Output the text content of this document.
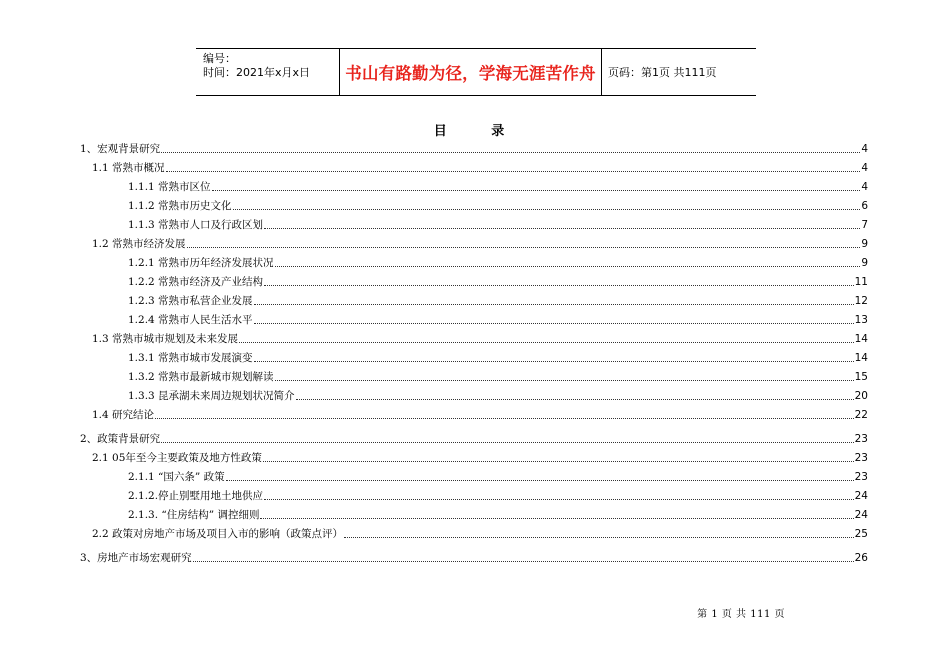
编号：
时间：2021年x月x日	书山有路勤为径，学海无涯苦作舟 页码：第1页 共111页
目 录
1、宏观背景研究	4
1.1 常熟市概况	4
1.1.1 常熟市区位	4
1.1.2 常熟市历史文化	6
1.1.3 常熟市人口及行政区划	7
1.2 常熟市经济发展	9
1.2.1 常熟市历年经济发展状况	9
1.2.2 常熟市经济及产业结构	11
1.2.3 常熟市私营企业发展	12
1.2.4 常熟市人民生活水平	13
1.3 常熟市城市规划及未来发展	14
1.3.1 常熟市城市发展演变	14
1.3.2 常熟市最新城市规划解读	15
1.3.3 昆承湖未来周边规划状况简介	20
1.4 研究结论	22
2、政策背景研究	23
2.1 05年至今主要政策及地方性政策	23
2.1.1 “国六条” 政策	23
2.1.2.停止别墅用地土地供应	24
2.1.3. “住房结构” 调控细则	24
2.2 政策对房地产市场及项目入市的影响（政策点评）	25
3、房地产市场宏观研究	26
第 1 页 共 111 页
